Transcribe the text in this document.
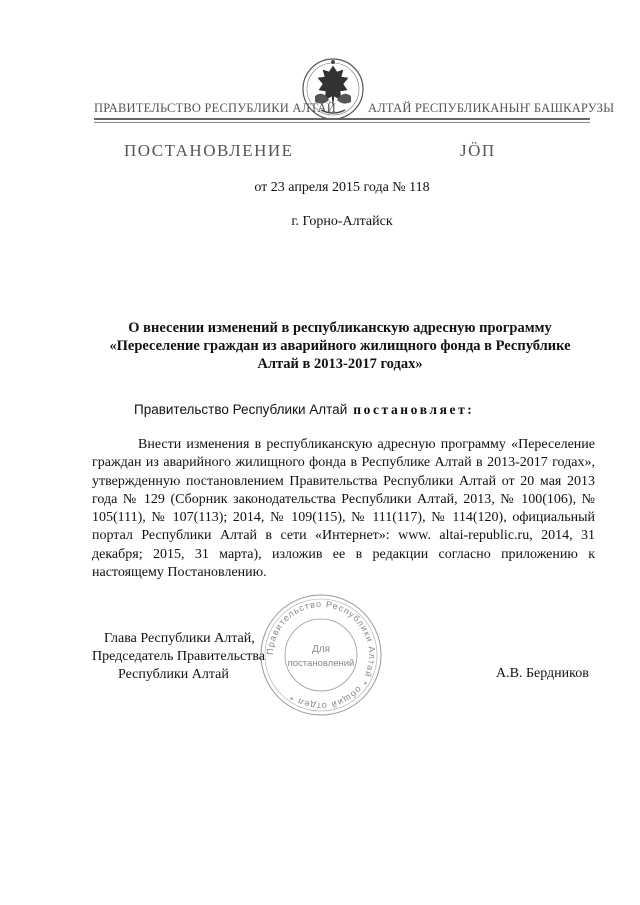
ПРАВИТЕЛЬСТВО РЕСПУБЛИКИ АЛТАЙ	АЛТАЙ РЕСПУБЛИКАНЫҤ БАШКАРУЗЫ
ПОСТАНОВЛЕНИЕ	ЈÖП
от 23 апреля 2015 года № 118
г. Горно-Алтайск
О внесении изменений в республиканскую адресную программу
«Переселение граждан из аварийного жилищного фонда в Республике
Алтай в 2013-2017 годах»
Правительство Республики Алтай постановляет:
Внести изменения в республиканскую адресную программу «Переселение граждан из аварийного жилищного фонда в Республике Алтай в 2013-2017 годах», утвержденную постановлением Правительства Республики Алтай от 20 мая 2013 года № 129 (Сборник законодательства Республики Алтай, 2013, № 100(106), № 105(111), № 107(113); 2014, № 109(115), № 111(117), № 114(120), официальный портал Республики Алтай в сети «Интернет»: www. altai-republic.ru, 2014, 31 декабря; 2015, 31 марта), изложив ее в редакции согласно приложению к настоящему Постановлению.
Глава Республики Алтай,
Председатель Правительства
Республики Алтай	А.В. Бердников
Правительство Республики Алтай * общий отдел *
Для
постановлений
